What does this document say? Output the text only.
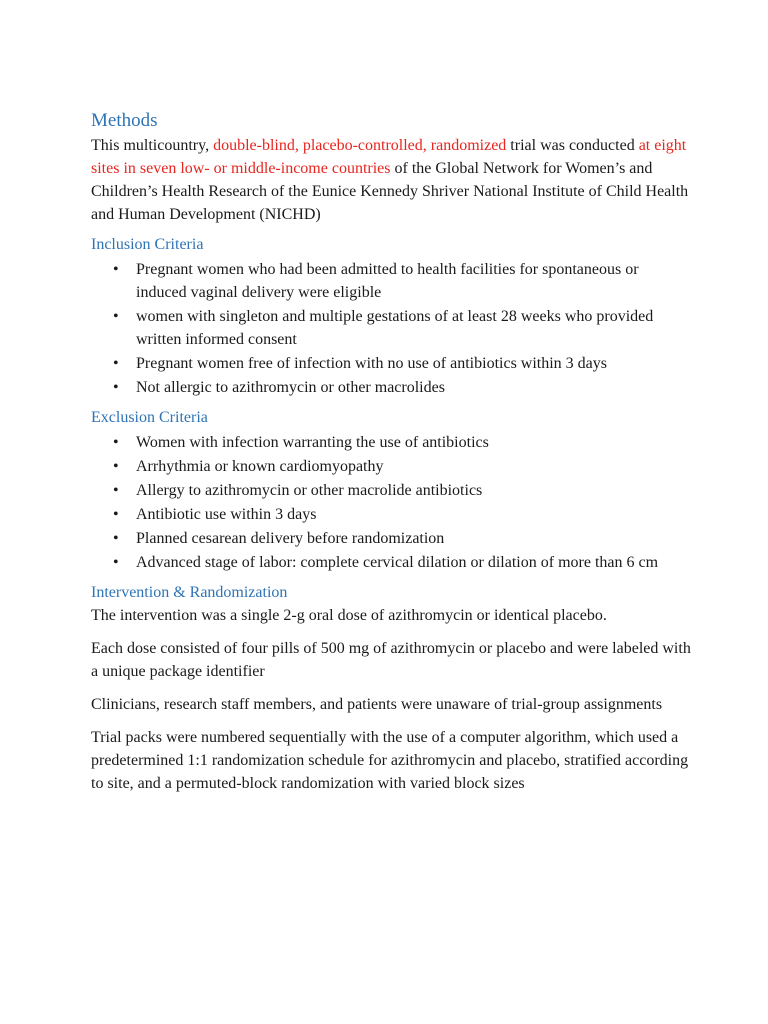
Methods

This multicountry, double-blind, placebo-controlled, randomized trial was conducted at eight sites in seven low- or middle-income countries of the Global Network for Women’s and Children’s Health Research of the Eunice Kennedy Shriver National Institute of Child Health and Human Development (NICHD)

Inclusion Criteria
• Pregnant women who had been admitted to health facilities for spontaneous or induced vaginal delivery were eligible
• women with singleton and multiple gestations of at least 28 weeks who provided written informed consent
• Pregnant women free of infection with no use of antibiotics within 3 days
• Not allergic to azithromycin or other macrolides
Exclusion Criteria
• Women with infection warranting the use of antibiotics
• Arrhythmia or known cardiomyopathy
• Allergy to azithromycin or other macrolide antibiotics
• Antibiotic use within 3 days
• Planned cesarean delivery before randomization
• Advanced stage of labor: complete cervical dilation or dilation of more than 6 cm
Intervention & Randomization

The intervention was a single 2-g oral dose of azithromycin or identical placebo.

Each dose consisted of four pills of 500 mg of azithromycin or placebo and were labeled with a unique package identifier

Clinicians, research staff members, and patients were unaware of trial-group assignments

Trial packs were numbered sequentially with the use of a computer algorithm, which used a predetermined 1:1 randomization schedule for azithromycin and placebo, stratified according to site, and a permuted-block randomization with varied block sizes
